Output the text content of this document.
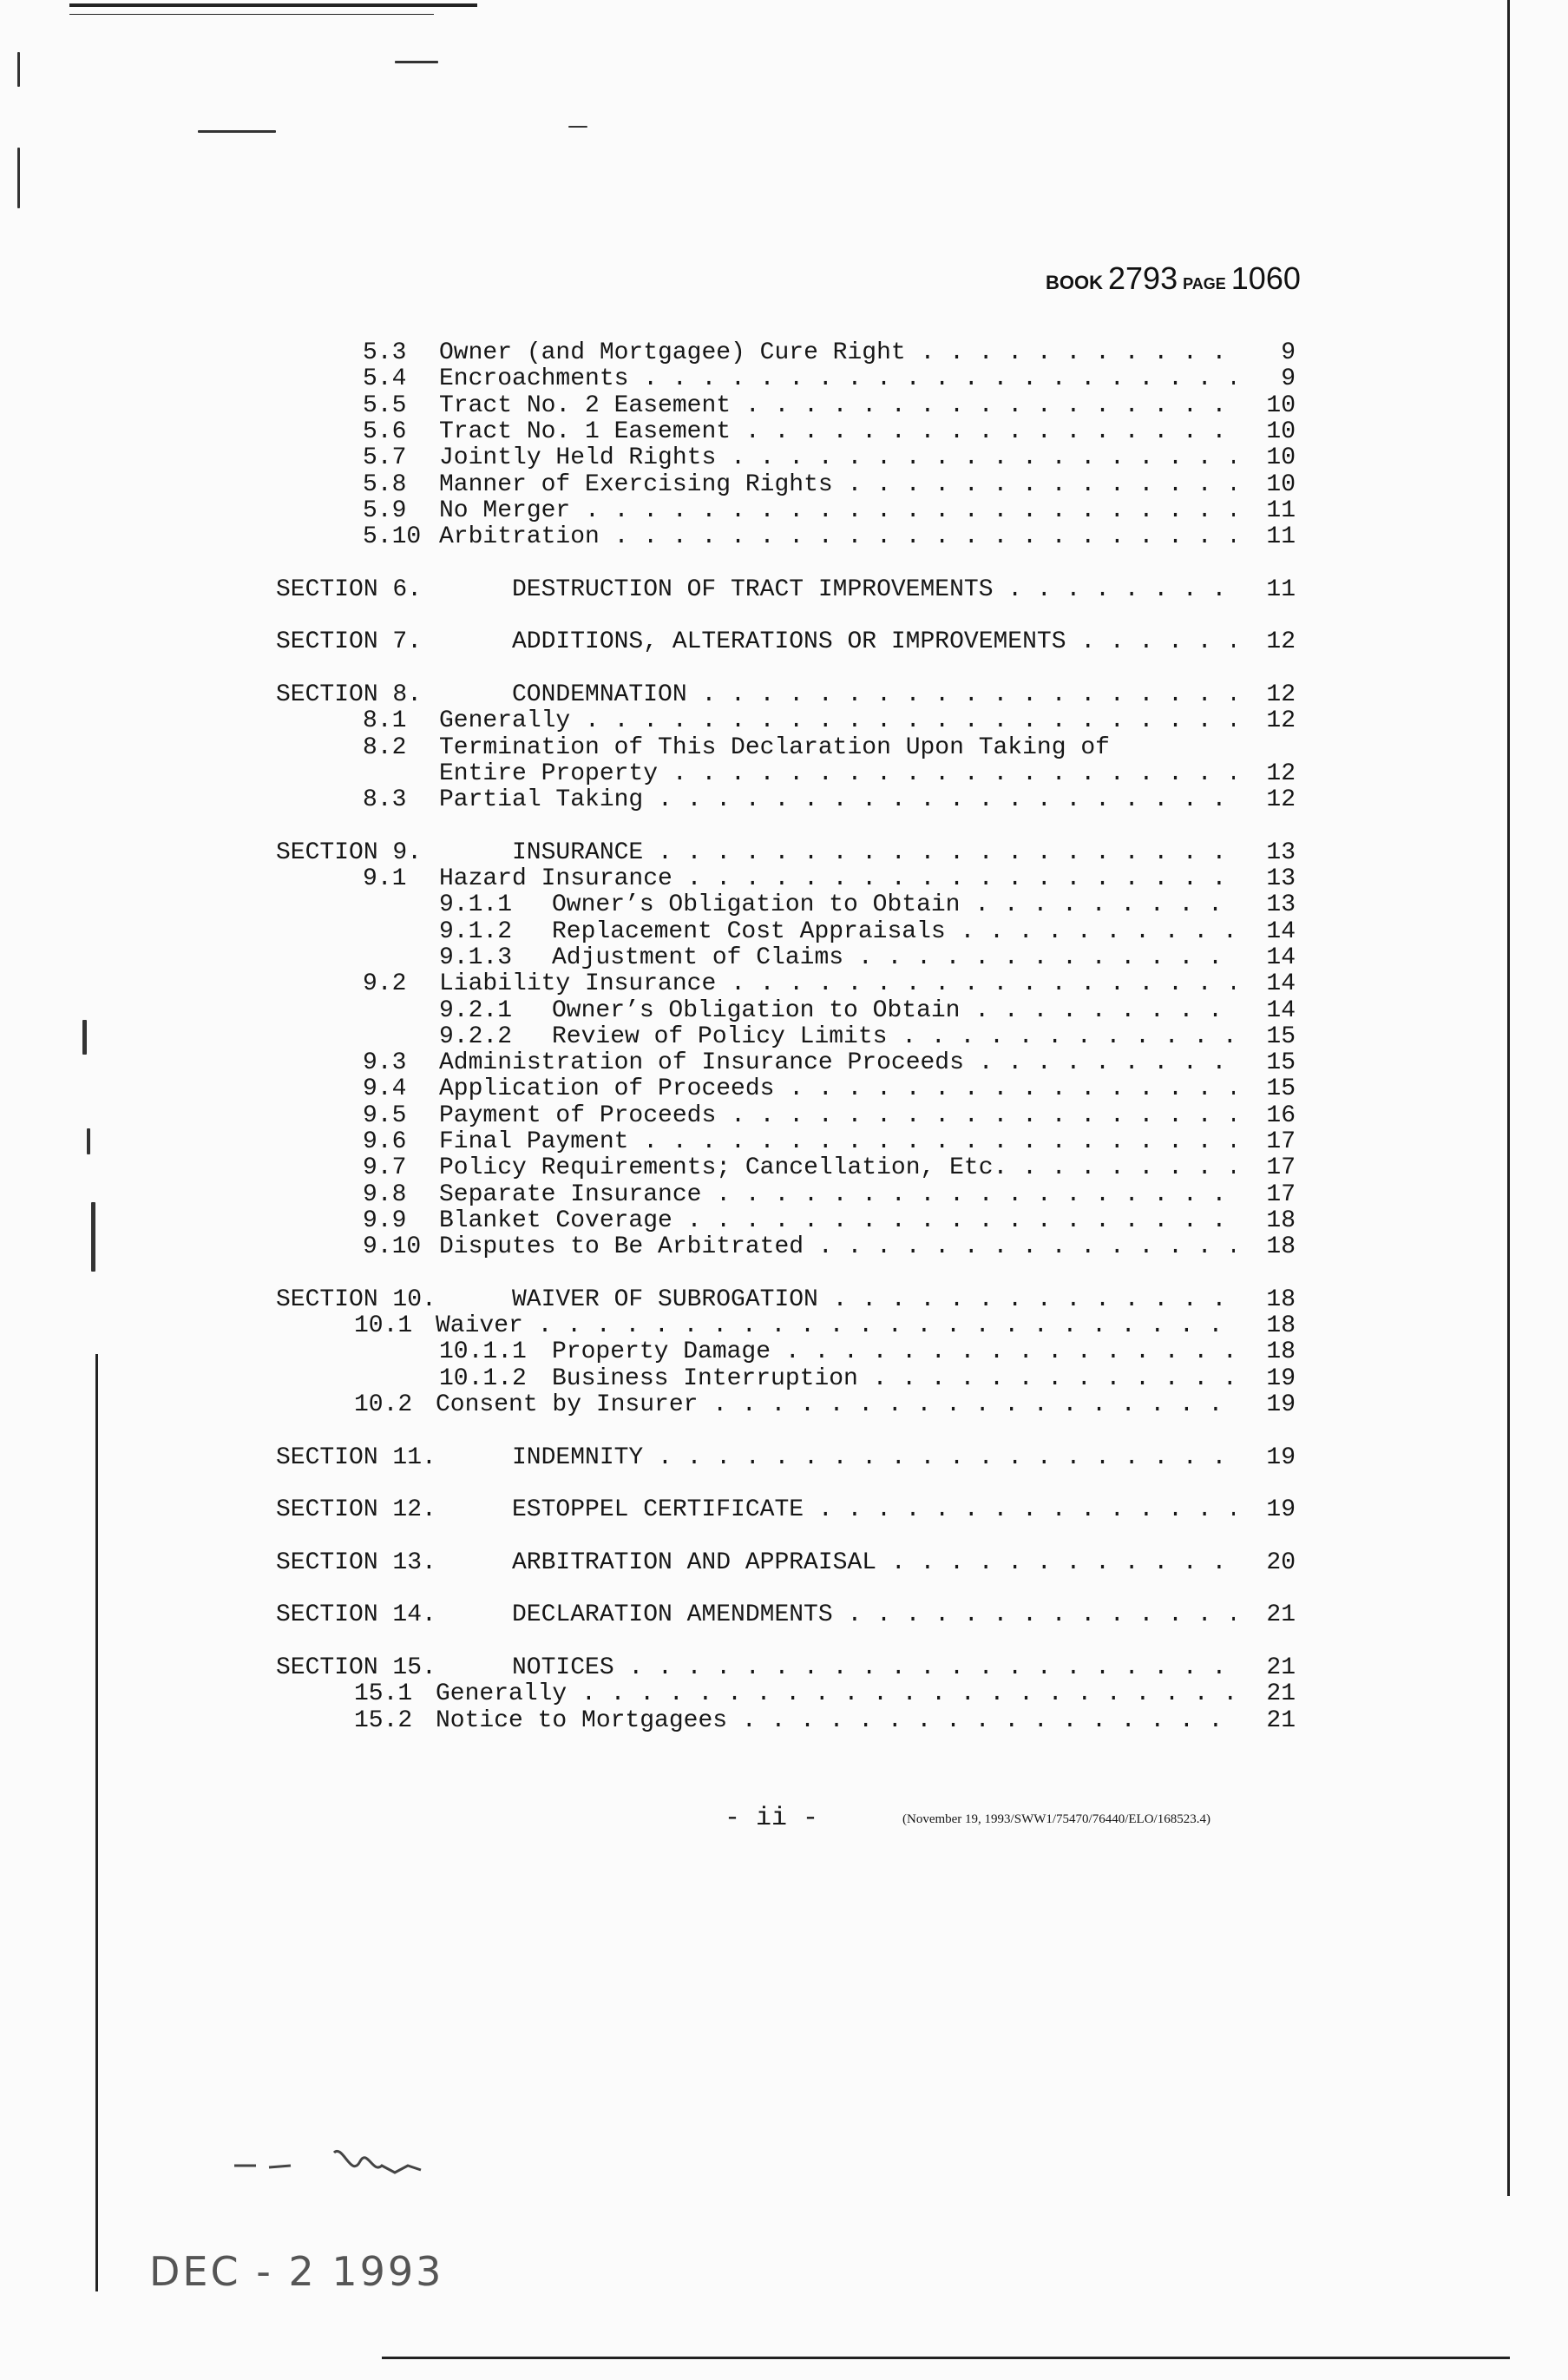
BOOK 2793 PAGE 1060
5.3 Owner (and Mortgagee) Cure Right . . .	9
5.4 Encroachments . . .	9
5.5 Tract No. 2 Easement . . .	10
5.6 Tract No. 1 Easement . . .	10
5.7 Jointly Held Rights . . .	10
5.8 Manner of Exercising Rights . . .	10
5.9 No Merger . . .	11
5.10 Arbitration . . .	11
SECTION 6.	DESTRUCTION OF TRACT IMPROVEMENTS . . .	11
SECTION 7.	ADDITIONS, ALTERATIONS OR IMPROVEMENTS . . .	12
SECTION 8.	CONDEMNATION . . .	12
8.1 Generally . . .	12
8.2 Termination of This Declaration Upon Taking of
Entire Property . . .	12
8.3 Partial Taking . . .	12
SECTION 9.	INSURANCE . . .	13
9.1 Hazard Insurance . . .	13
9.1.1 Owner’s Obligation to Obtain . . .	13
9.1.2 Replacement Cost Appraisals . . .	14
9.1.3 Adjustment of Claims . . .	14
9.2 Liability Insurance . . .	14
9.2.1 Owner’s Obligation to Obtain . . .	14
9.2.2 Review of Policy Limits . . .	15
9.3 Administration of Insurance Proceeds . . .	15
9.4 Application of Proceeds . . .	15
9.5 Payment of Proceeds . . .	16
9.6 Final Payment . . .	17
9.7 Policy Requirements; Cancellation, Etc. . . .	17
9.8 Separate Insurance . . .	17
9.9 Blanket Coverage . . .	18
9.10 Disputes to Be Arbitrated . . .	18
SECTION 10.	WAIVER OF SUBROGATION . . .	18
10.1 Waiver . . .	18
10.1.1 Property Damage . . .	18
10.1.2 Business Interruption . . .	19
10.2 Consent by Insurer . . .	19
SECTION 11.	INDEMNITY . . .	19
SECTION 12.	ESTOPPEL CERTIFICATE . . .	19
SECTION 13.	ARBITRATION AND APPRAISAL . . .	20
SECTION 14.	DECLARATION AMENDMENTS . . .	21
SECTION 15.	NOTICES . . .	21
15.1 Generally . . .	21
15.2 Notice to Mortgagees . . .	21
- ii -	(November 19, 1993/SWW1/75470/76440/ELO/168523.4)
DEC - 2 1993
